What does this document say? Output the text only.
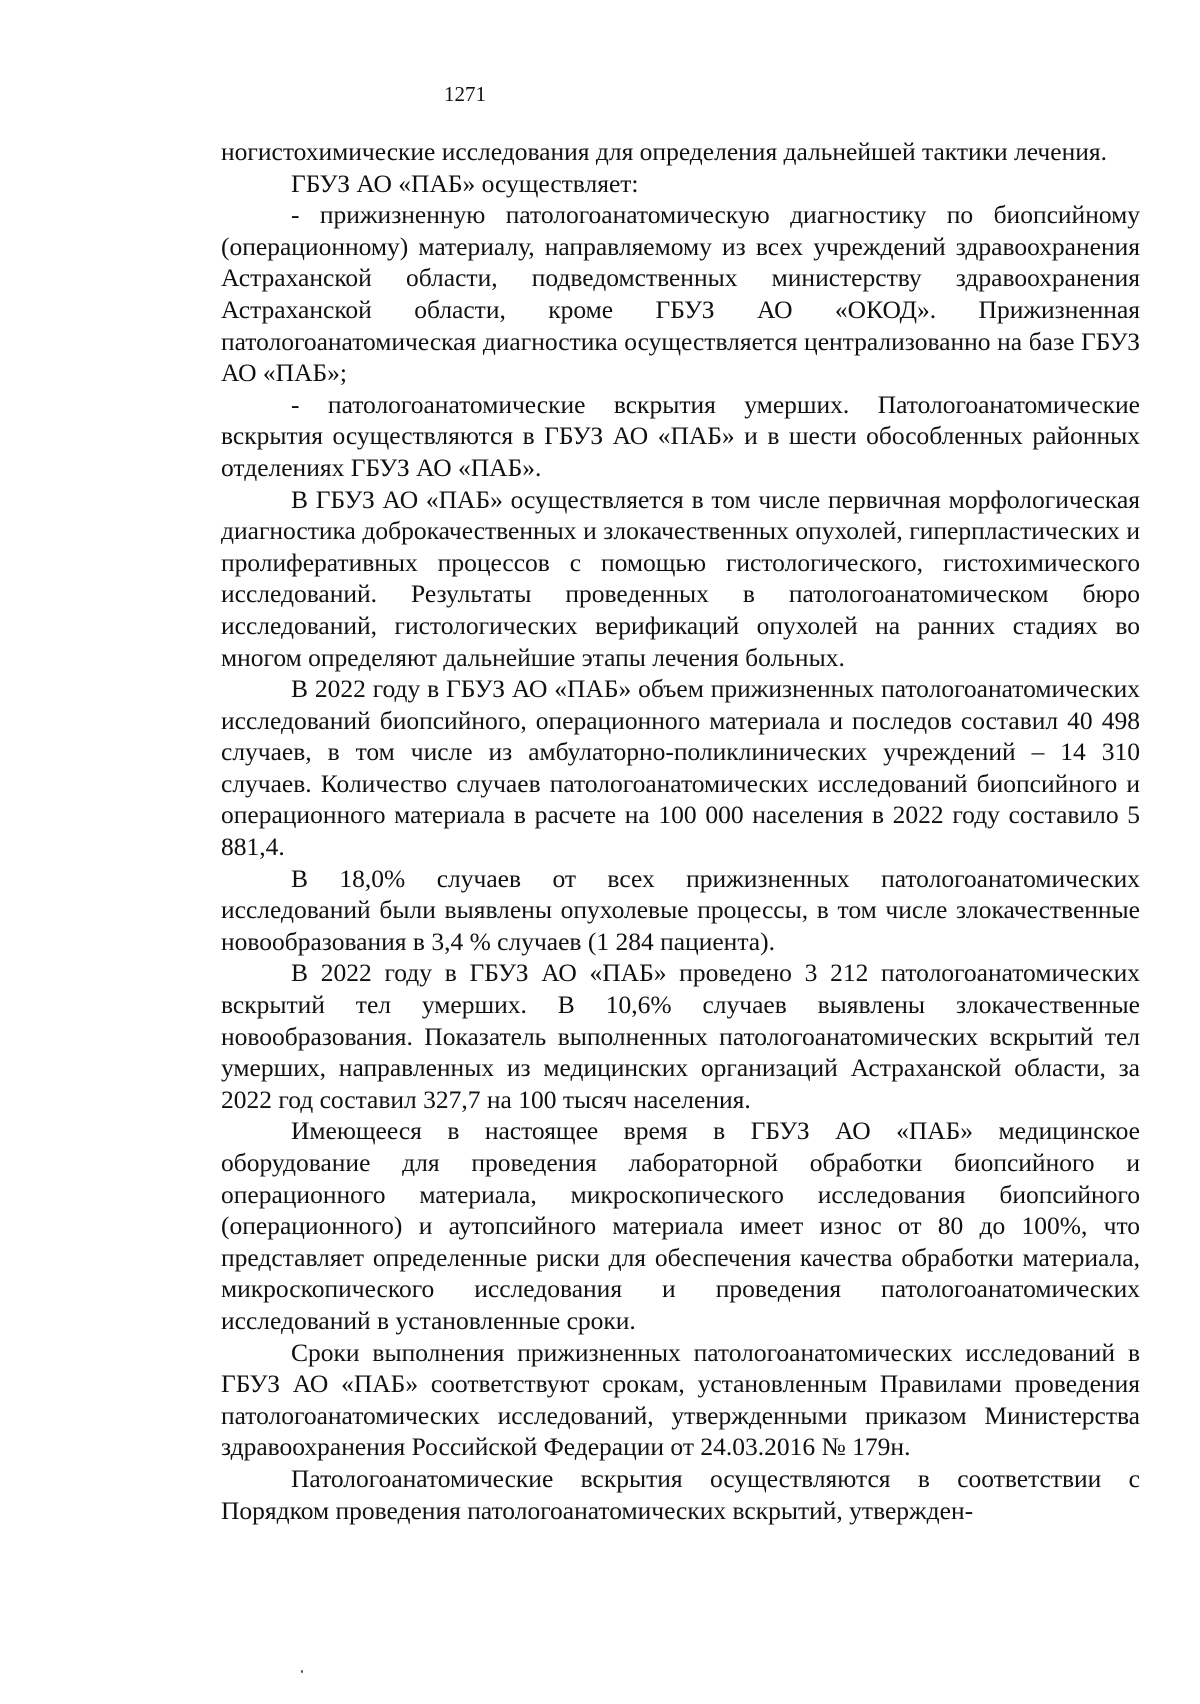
1271

ногистохимические исследования для определения дальнейшей тактики лечения.

ГБУЗ АО «ПАБ» осуществляет:

- прижизненную патологоанатомическую диагностику по биопсийному (операционному) материалу, направляемому из всех учреждений здравоохранения Астраханской области, подведомственных министерству здравоохранения Астраханской области, кроме ГБУЗ АО «ОКОД». Прижизненная патологоанатомическая диагностика осуществляется централизованно на базе ГБУЗ АО «ПАБ»;

- патологоанатомические вскрытия умерших. Патологоанатомические вскрытия осуществляются в ГБУЗ АО «ПАБ» и в шести обособленных районных отделениях ГБУЗ АО «ПАБ».

В ГБУЗ АО «ПАБ» осуществляется в том числе первичная морфологическая диагностика доброкачественных и злокачественных опухолей, гиперпластических и пролиферативных процессов с помощью гистологического, гистохимического исследований. Результаты проведенных в патологоанатомическом бюро исследований, гистологических верификаций опухолей на ранних стадиях во многом определяют дальнейшие этапы лечения больных.

В 2022 году в ГБУЗ АО «ПАБ» объем прижизненных патологоанатомических исследований биопсийного, операционного материала и последов составил 40 498 случаев, в том числе из амбулаторно-поликлинических учреждений – 14 310 случаев. Количество случаев патологоанатомических исследований биопсийного и операционного материала в расчете на 100 000 населения в 2022 году составило 5 881,4.

В 18,0% случаев от всех прижизненных патологоанатомических исследований были выявлены опухолевые процессы, в том числе злокачественные новообразования в 3,4 % случаев (1 284 пациента).

В 2022 году в ГБУЗ АО «ПАБ» проведено 3 212 патологоанатомических вскрытий тел умерших. В 10,6% случаев выявлены злокачественные новообразования. Показатель выполненных патологоанатомических вскрытий тел умерших, направленных из медицинских организаций Астраханской области, за 2022 год составил 327,7 на 100 тысяч населения.

Имеющееся в настоящее время в ГБУЗ АО «ПАБ» медицинское оборудование для проведения лабораторной обработки биопсийного и операционного материала, микроскопического исследования биопсийного (операционного) и аутопсийного материала имеет износ от 80 до 100%, что представляет определенные риски для обеспечения качества обработки материала, микроскопического исследования и проведения патологоанатомических исследований в установленные сроки.

Сроки выполнения прижизненных патологоанатомических исследований в ГБУЗ АО «ПАБ» соответствуют срокам, установленным Правилами проведения патологоанатомических исследований, утвержденными приказом Министерства здравоохранения Российской Федерации от 24.03.2016 № 179н.

Патологоанатомические вскрытия осуществляются в соответствии с Порядком проведения патологоанатомических вскрытий, утвержден-
